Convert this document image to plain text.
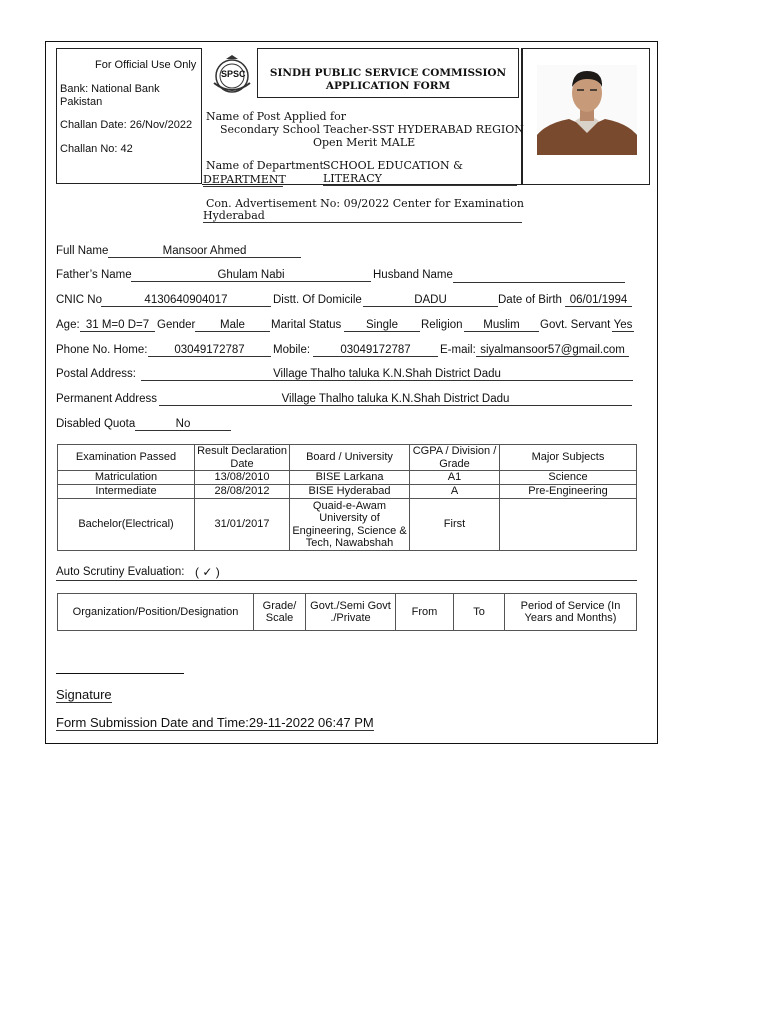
For Official Use Only
Bank: National Bank Pakistan
Challan Date: 26/Nov/2022
Challan No: 42
SPSC	SINDH PUBLIC SERVICE COMMISSION
APPLICATION FORM
Name of Post Applied for
Secondary School Teacher-SST HYDERABAD REGION
Open Merit MALE
Name of Department SCHOOL EDUCATION & LITERACY
DEPARTMENT
Con. Advertisement No: 09/2022 Center for Examination
Hyderabad
Full Name	Mansoor Ahmed
Father’s Name	Ghulam Nabi	Husband Name
CNIC No	4130640904017	Distt. Of Domicile	DADU	Date of Birth 06/01/1994
Age: 31 M=0 D=7 Gender	Male	Marital Status	Single	Religion	Muslim	Govt. Servant Yes
Phone No. Home:	03049172787	Mobile:	03049172787	E-mail: siyalmansoor57@gmail.com
Postal Address:	Village Thalho taluka K.N.Shah District Dadu
Permanent Address	Village Thalho taluka K.N.Shah District Dadu
Disabled Quota	No
Examination Passed	Result Declaration Date	Board / University	CGPA / Division / Grade	Major Subjects
Matriculation	13/08/2010	BISE Larkana	A1	Science
Intermediate	28/08/2012	BISE Hyderabad	A	Pre-Engineering
Bachelor(Electrical)	31/01/2017	Quaid-e-Awam University of Engineering, Science & Tech, Nawabshah	First	
Auto Scrutiny Evaluation: ( ✓ )
Organization/Position/Designation	Grade/ Scale	Govt./Semi Govt ./Private	From	To	Period of Service (In Years and Months)
Signature
Form Submission Date and Time:29-11-2022 06:47 PM
